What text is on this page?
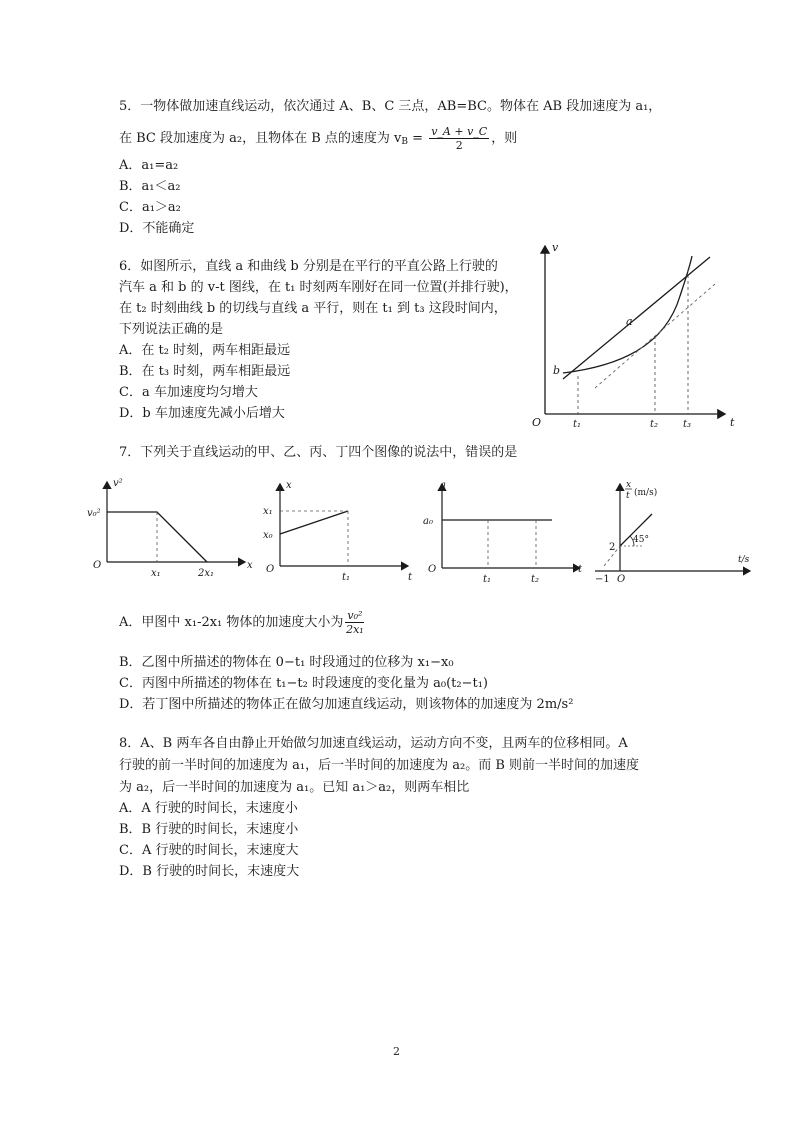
5．一物体做加速直线运动，依次通过 A、B、C 三点，AB=BC。物体在 AB 段加速度为 a₁，
在 BC 段加速度为 a₂，且物体在 B 点的速度为 $v_B = \frac{v\_A + v\_C}{2}$ ，则
A．a₁=a₂
B．a₁＜a₂
C．a₁＞a₂
D．不能确定
6．如图所示，直线 a 和曲线 b 分别是在平行的平直公路上行驶的
汽车 a 和 b 的 v-t 图线，在 t₁ 时刻两车刚好在同一位置(并排行驶)，
在 t₂ 时刻曲线 b 的切线与直线 a 平行，则在 t₁ 到 t₃ 这段时间内，
下列说法正确的是
A．在 t₂ 时刻，两车相距最远
B．在 t₃ 时刻，两车相距最远
C．a 车加速度均匀增大
D．b 车加速度先减小后增大
v
t
O
a
b
t₁	t₂ t₃
7．下列关于直线运动的甲、乙、丙、丁四个图像的说法中，错误的是
v²
v₀²
O
x₁	2x₁
x
x
x₁
x₀
O
t₁	t
a
a₀
O
t₁	t₂
t
x
t (m/s)
2
45°
−1 O
t/s
A．甲图中 x₁-2x₁ 物体的加速度大小为 $\frac{\text{v₀²}}{\text{2x₁}}$
B．乙图中所描述的物体在 0−t₁ 时段通过的位移为 x₁−x₀
C．丙图中所描述的物体在 t₁−t₂ 时段速度的变化量为 a₀(t₂−t₁)
D．若丁图中所描述的物体正在做匀加速直线运动，则该物体的加速度为 2m/s²
8．A、B 两车各自由静止开始做匀加速直线运动，运动方向不变，且两车的位移相同。A
行驶的前一半时间的加速度为 a₁，后一半时间的加速度为 a₂。而 B 则前一半时间的加速度
为 a₂，后一半时间的加速度为 a₁。已知 a₁＞a₂，则两车相比
A．A 行驶的时间长，末速度小
B．B 行驶的时间长，末速度小
C．A 行驶的时间长，末速度大
D．B 行驶的时间长，末速度大
2
